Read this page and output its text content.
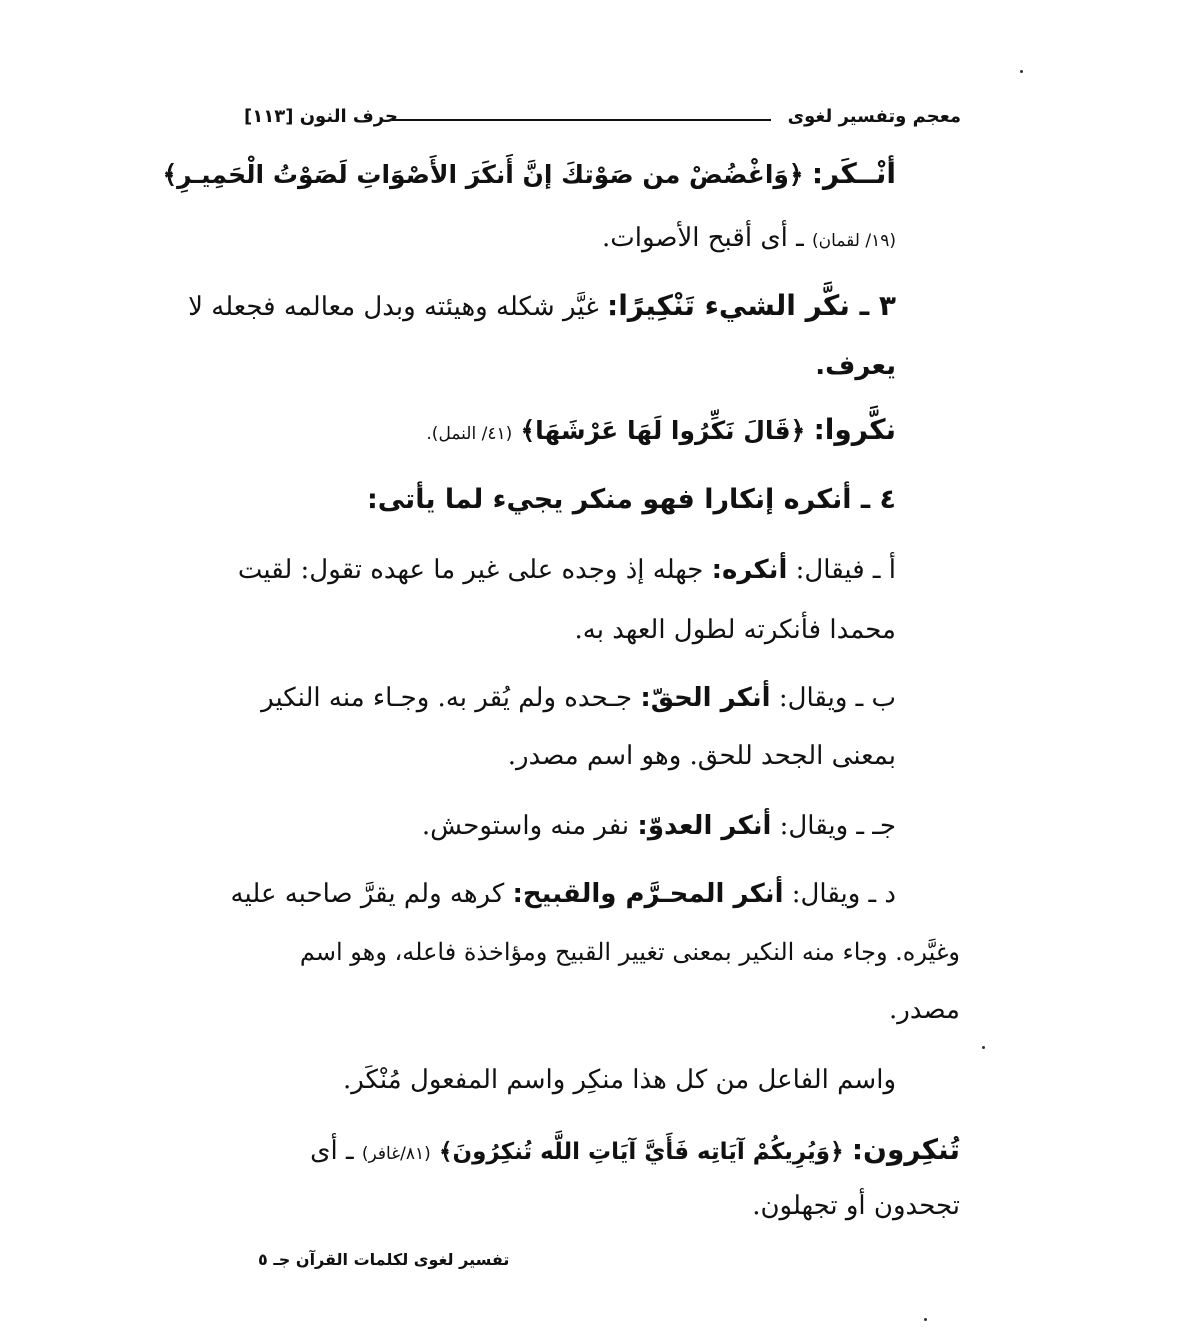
معجم وتفسير لغوى
حرف النون [١١٣]
أنْــكَر: ﴿وَاغْضُضْ من صَوْتكَ إنَّ أَنكَرَ الأَصْوَاتِ لَصَوْتُ الْحَمِيـرِ﴾
(١٩/ لقمان) ـ أى أقبح الأصوات.
٣ ـ نكَّر الشيء تَنْكِيرًا: غيَّر شكله وهيئته وبدل معالمه فجعله لا
يعرف.
نكَّروا: ﴿قَالَ نَكِّرُوا لَهَا عَرْشَهَا﴾ (٤١/ النمل).
٤ ـ أنكره إنكارا فهو منكر يجيء لما يأتى:
أ ـ فيقال: أنكره: جهله إذ وجده على غير ما عهده تقول: لقيت
محمدا فأنكرته لطول العهد به.
ب ـ ويقال: أنكر الحقّ: جـحده ولم يُقر به. وجـاء منه النكير
بمعنى الجحد للحق. وهو اسم مصدر.
جـ ـ ويقال: أنكر العدوّ: نفر منه واستوحش.
د ـ ويقال: أنكر المحـرَّم والقبيح: كرهه ولم يقرَّ صاحبه عليه
وغيَّره. وجاء منه النكير بمعنى تغيير القبيح ومؤاخذة فاعله، وهو اسم
مصدر.
واسم الفاعل من كل هذا منكِر واسم المفعول مُنْكَر.
تُنكِرون: ﴿وَيُرِيكُمْ آيَاتِه فَأَيَّ آيَاتِ اللَّه تُنكِرُونَ﴾ (٨١/غافر) ـ أى
تجحدون أو تجهلون.
تفسير لغوى لكلمات القرآن جـ ٥
